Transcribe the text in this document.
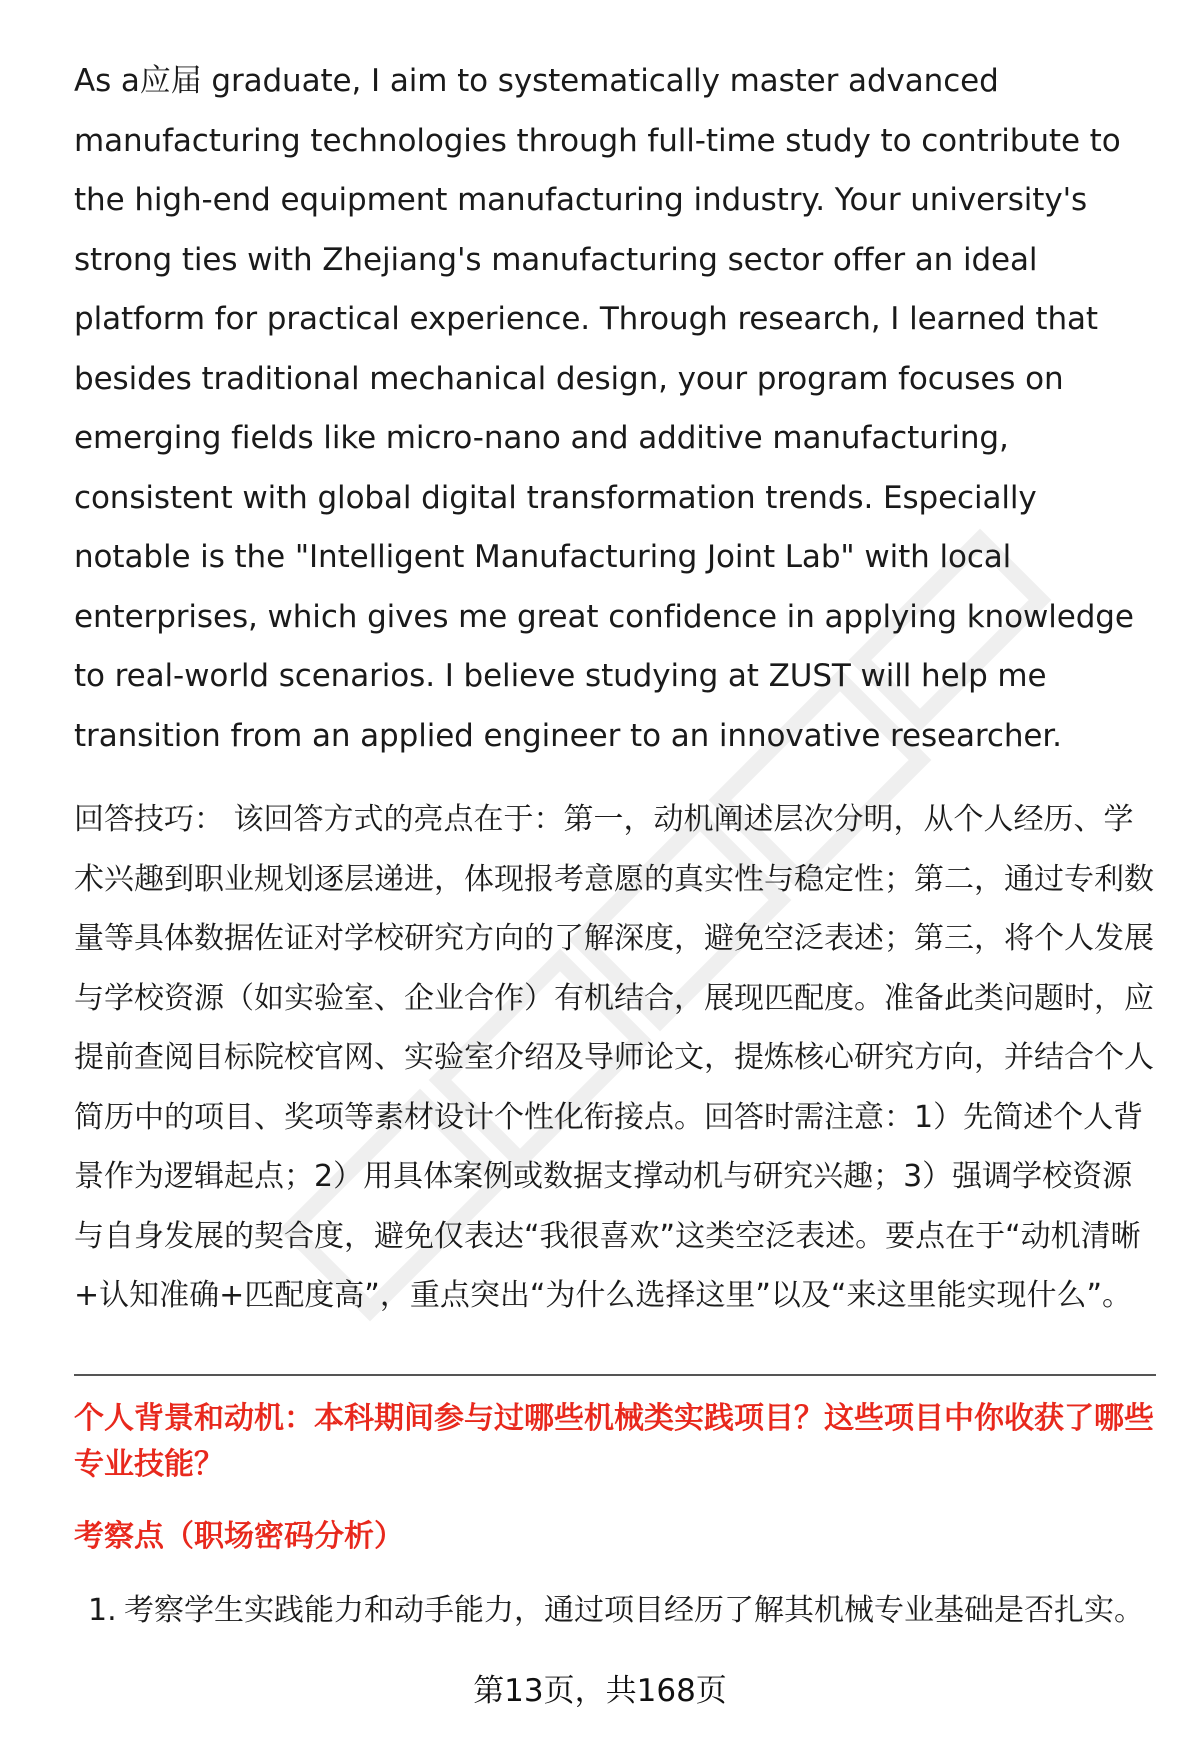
As a应届 graduate, I aim to systematically master advanced manufacturing technologies through full-time study to contribute to the high-end equipment manufacturing industry. Your university's strong ties with Zhejiang's manufacturing sector offer an ideal platform for practical experience. Through research, I learned that besides traditional mechanical design, your program focuses on emerging fields like micro-nano and additive manufacturing, consistent with global digital transformation trends. Especially notable is the "Intelligent Manufacturing Joint Lab" with local enterprises, which gives me great confidence in applying knowledge to real-world scenarios. I believe studying at ZUST will help me transition from an applied engineer to an innovative researcher.

回答技巧： 该回答方式的亮点在于：第一，动机阐述层次分明，从个人经历、学术兴趣到职业规划逐层递进，体现报考意愿的真实性与稳定性；第二，通过专利数量等具体数据佐证对学校研究方向的了解深度，避免空泛表述；第三，将个人发展与学校资源（如实验室、企业合作）有机结合，展现匹配度。准备此类问题时，应提前查阅目标院校官网、实验室介绍及导师论文，提炼核心研究方向，并结合个人简历中的项目、奖项等素材设计个性化衔接点。回答时需注意：1）先简述个人背景作为逻辑起点；2）用具体案例或数据支撑动机与研究兴趣；3）强调学校资源与自身发展的契合度，避免仅表达“我很喜欢”这类空泛表述。要点在于“动机清晰+认知准确+匹配度高”，重点突出“为什么选择这里”以及“来这里能实现什么”。

个人背景和动机：本科期间参与过哪些机械类实践项目？这些项目中你收获了哪些专业技能？
考察点（职场密码分析）
1. 考察学生实践能力和动手能力，通过项目经历了解其机械专业基础是否扎实。
第13页，共168页
